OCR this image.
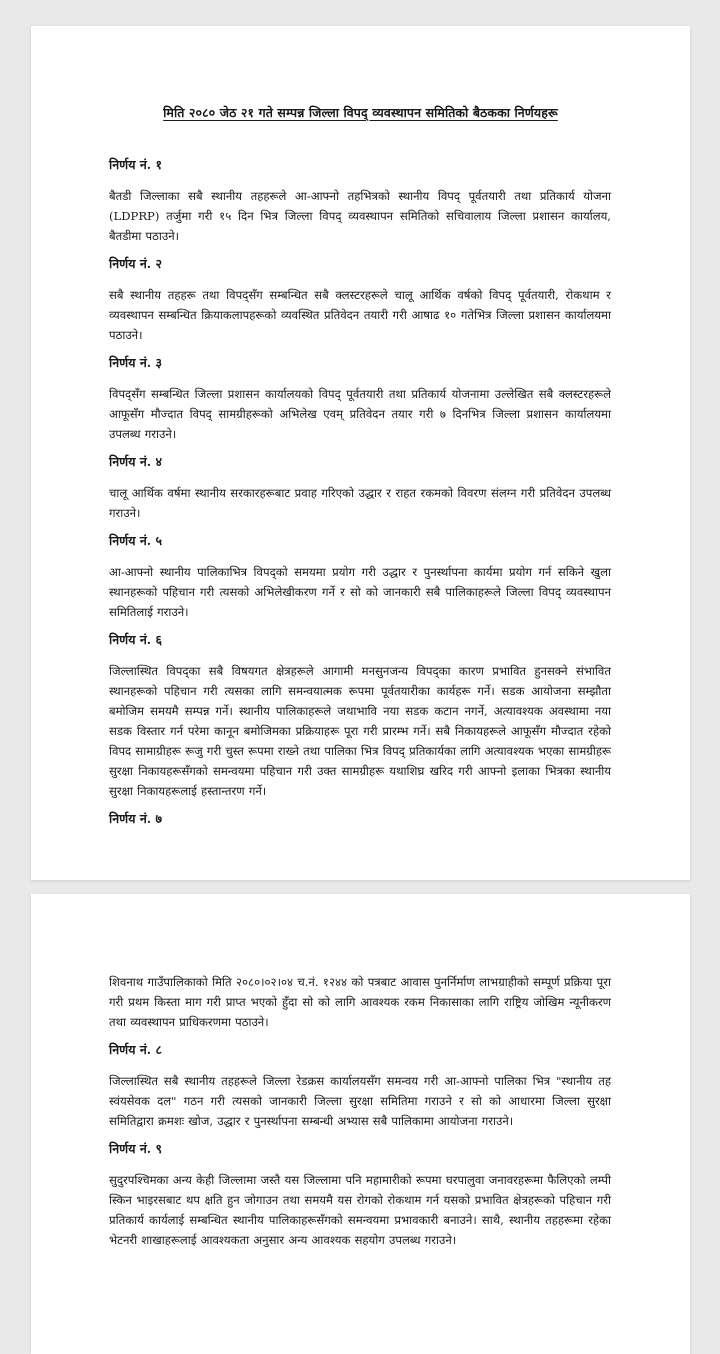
मिति २०८० जेठ २१ गते सम्पन्न जिल्ला विपद् व्यवस्थापन समितिको बैठकका निर्णयहरू

निर्णय नं. १

बैतडी जिल्लाका सबै स्थानीय तहहरूले आ-आफ्नो तहभित्रको स्थानीय विपद् पूर्वतयारी तथा प्रतिकार्य योजना (LDPRP) तर्जुमा गरी १५ दिन भित्र जिल्ला विपद् व्यवस्थापन समितिको सचिवालाय जिल्ला प्रशासन कार्यालय, बैतडीमा पठाउने।

निर्णय नं. २

सबै स्थानीय तहहरू तथा विपद्सँग सम्बन्धित सबै क्लस्टरहरूले चालू आर्थिक वर्षको विपद् पूर्वतयारी, रोकथाम र व्यवस्थापन सम्बन्धित क्रियाकलापहरूको व्यवस्थित प्रतिवेदन तयारी गरी आषाढ १० गतेभित्र जिल्ला प्रशासन कार्यालयमा पठाउने।

निर्णय नं. ३

विपद्सँग सम्बन्धित जिल्ला प्रशासन कार्यालयको विपद् पूर्वतयारी तथा प्रतिकार्य योजनामा उल्लेखित सबै क्लस्टरहरूले आफूसँग मौज्दात विपद् सामग्रीहरूको अभिलेख एवम् प्रतिवेदन तयार गरी ७ दिनभित्र जिल्ला प्रशासन कार्यालयमा उपलब्ध गराउने।

निर्णय नं. ४

चालू आर्थिक वर्षमा स्थानीय सरकारहरूबाट प्रवाह गरिएको उद्धार र राहत रकमको विवरण संलग्न गरी प्रतिवेदन उपलब्ध गराउने।

निर्णय नं. ५

आ-आफ्नो स्थानीय पालिकाभित्र विपद्को समयमा प्रयोग गरी उद्धार र पुनर्स्थापना कार्यमा प्रयोग गर्न सकिने खुला स्थानहरूको पहिचान गरी त्यसको अभिलेखीकरण गर्ने र सो को जानकारी सबै पालिकाहरूले जिल्ला विपद् व्यवस्थापन समितिलाई गराउने।

निर्णय नं. ६

जिल्लास्थित विपद्का सबै विषयगत क्षेत्रहरूले आगामी मनसुनजन्य विपद्का कारण प्रभावित हुनसक्ने संभावित स्थानहरूको पहिचान गरी त्यसका लागि समन्वयात्मक रूपमा पूर्वतयारीका कार्यहरू गर्ने। सडक आयोजना सम्झौता बमोजिम समयमै सम्पन्न गर्ने। स्थानीय पालिकाहरूले जथाभावि नया सडक कटान नगर्ने, अत्यावश्यक अवस्थामा नया सडक विस्तार गर्न परेमा कानून बमोजिमका प्रक्रियाहरू पूरा गरी प्रारम्भ गर्ने। सबै निकायहरूले आफूसँग मौज्दात रहेको विपद सामाग्रीहरू रूजु गरी चुस्त रूपमा राख्ने तथा पालिका भित्र विपद् प्रतिकार्यका लागि अत्यावश्यक भएका सामग्रीहरू सुरक्षा निकायहरूसँगको समन्वयमा पहिचान गरी उक्त सामग्रीहरू यथाशिघ्र खरिद गरी आफ्नो इलाका भित्रका स्थानीय सुरक्षा निकायहरूलाई हस्तान्तरण गर्ने।

निर्णय नं. ७

शिवनाथ गाउँपालिकाको मिति २०८०।०२।०४ च.नं. १२४४ को पत्रबाट आवास पुनर्निर्माण लाभग्राहीको सम्पूर्ण प्रक्रिया पूरा गरी प्रथम किस्ता माग गरी प्राप्त भएको हुँदा सो को लागि आवश्यक रकम निकासाका लागि राष्ट्रिय जोखिम न्यूनीकरण तथा व्यवस्थापन प्राधिकरणमा पठाउने।

निर्णय नं. ८

जिल्लास्थित सबै स्थानीय तहहरूले जिल्ला रेडक्रस कार्यालयसँग समन्वय गरी आ-आफ्नो पालिका भित्र "स्थानीय तह स्वंयसेवक दल" गठन गरी त्यसको जानकारी जिल्ला सुरक्षा समितिमा गराउने र सो को आधारमा जिल्ला सुरक्षा समितिद्वारा क्रमशः खोज, उद्धार र पुनर्स्थापना सम्बन्धी अभ्यास सबै पालिकामा आयोजना गराउने।

निर्णय नं. ९

सुदुरपश्चिमका अन्य केही जिल्लामा जस्तै यस जिल्लामा पनि महामारीको रूपमा घरपालुवा जनावरहरूमा फैलिएको लम्पी स्किन भाइरसबाट थप क्षति हुन जोगाउन तथा समयमै यस रोगको रोकथाम गर्न यसको प्रभावित क्षेत्रहरूको पहिचान गरी प्रतिकार्य कार्यलाई सम्बन्धित स्थानीय पालिकाहरूसँगको समन्वयमा प्रभावकारी बनाउने। साथै, स्थानीय तहहरूमा रहेका भेटनरी शाखाहरूलाई आवश्यकता अनुसार अन्य आवश्यक सहयोग उपलब्ध गराउने।
